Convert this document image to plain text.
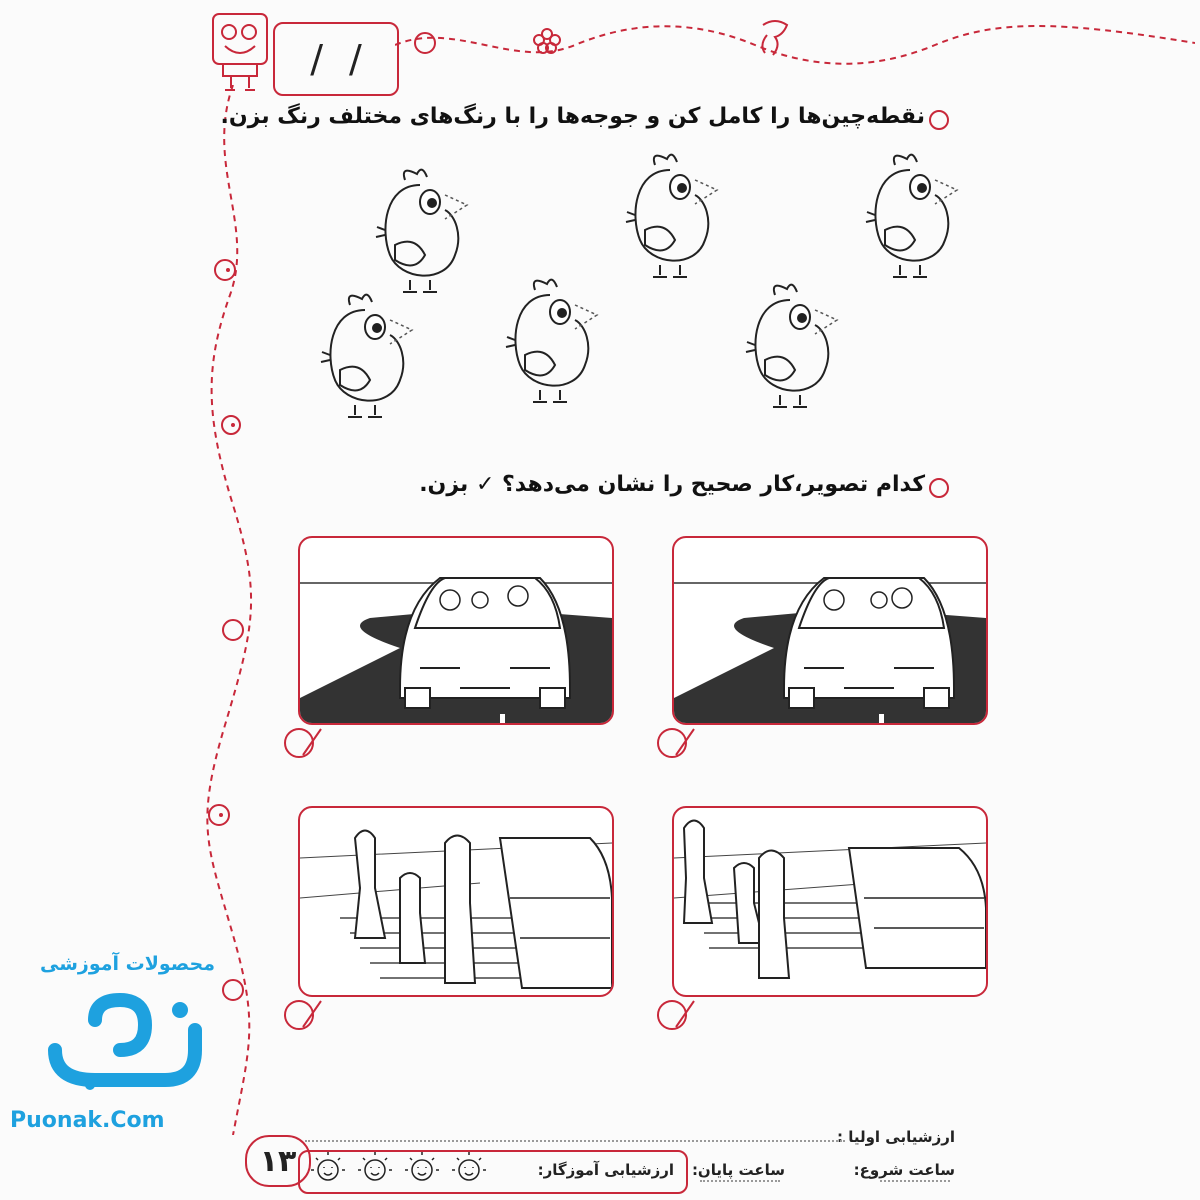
/ /
نقطه‌چین‌ها را کامل کن و جوجه‌ها را با رنگ‌های مختلف رنگ بزن.
کدام تصویر،کار صحیح را نشان می‌دهد؟ ✓ بزن.
۱۳
ارزشیابی اولیا :
ارزشیابی آموزگار: ساعت پایان:	ساعت شروع:
محصولات آموزشی
Puonak.Com
